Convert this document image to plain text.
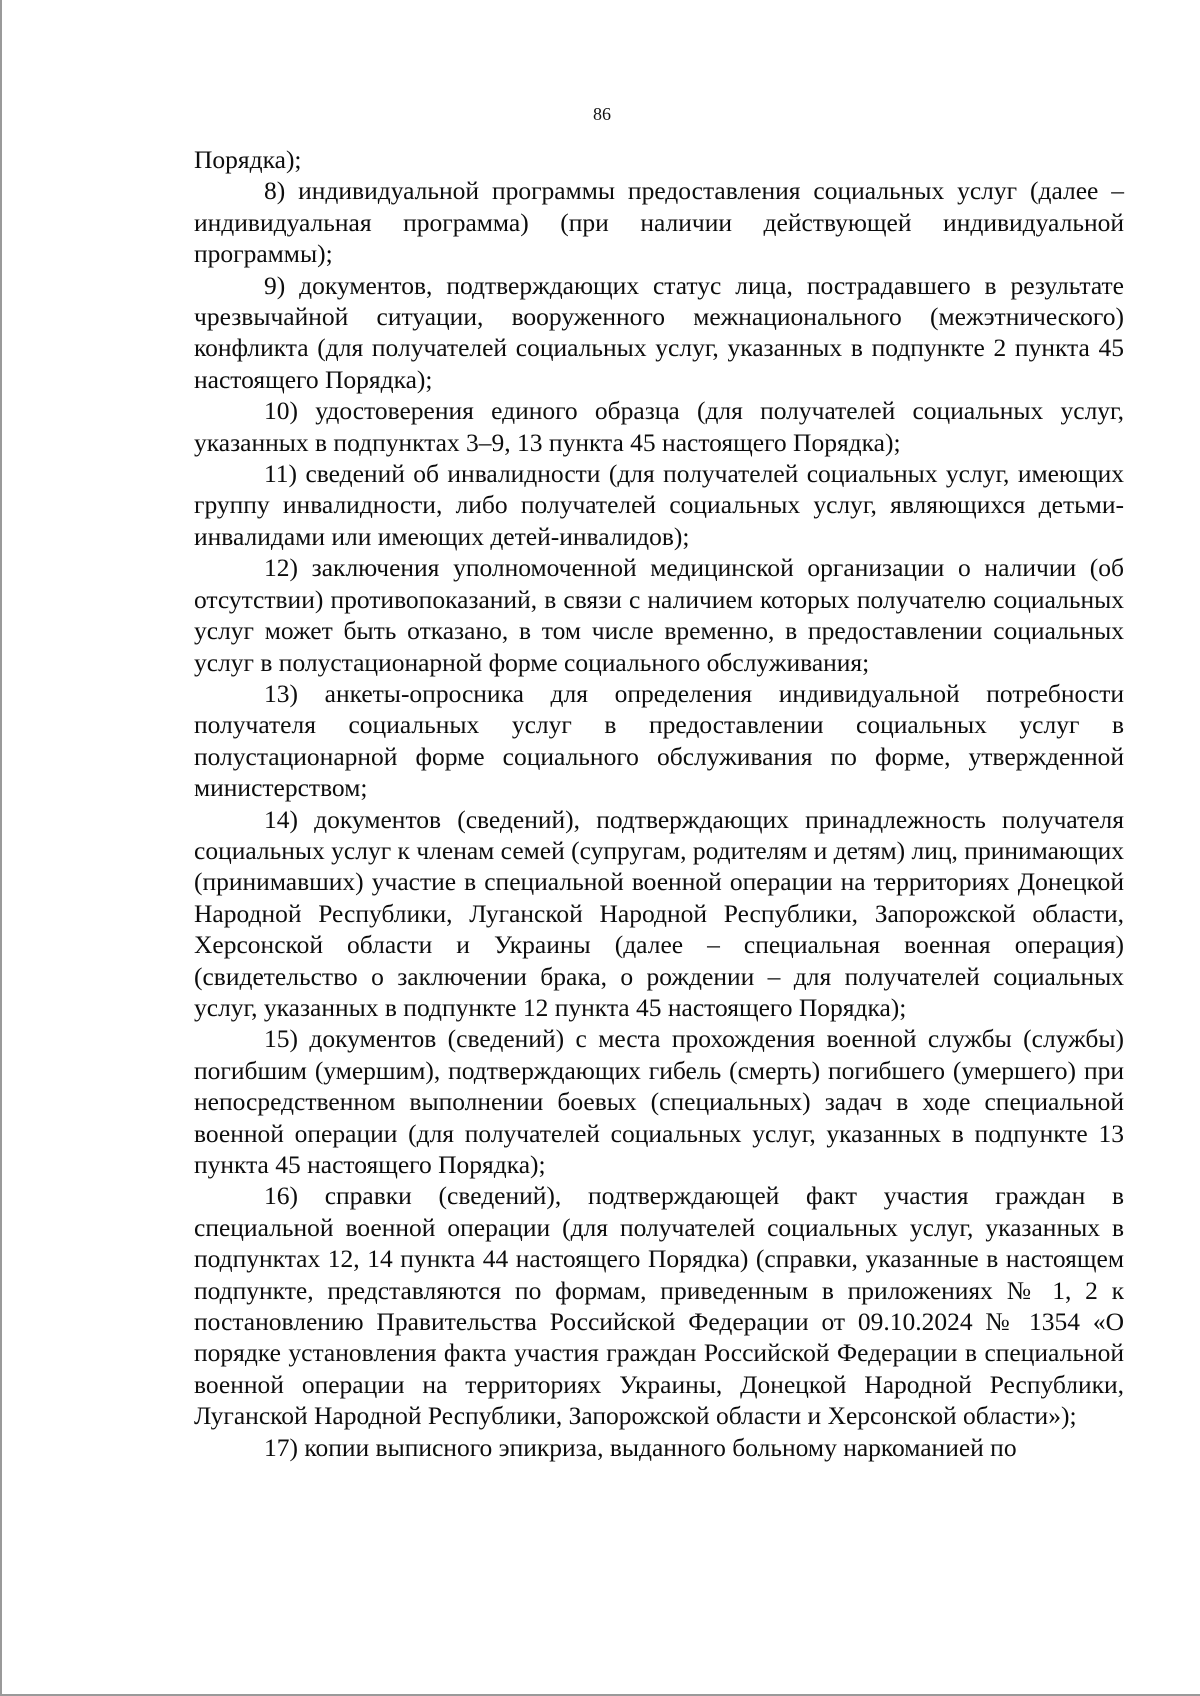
86

Порядка);

8) индивидуальной программы предоставления социальных услуг (далее – индивидуальная программа) (при наличии действующей индивидуальной программы);

9) документов, подтверждающих статус лица, пострадавшего в результате чрезвычайной ситуации, вооруженного межнационального (межэтнического) конфликта (для получателей социальных услуг, указанных в подпункте 2 пункта 45 настоящего Порядка);

10) удостоверения единого образца (для получателей социальных услуг, указанных в подпунктах 3–9, 13 пункта 45 настоящего Порядка);

11) сведений об инвалидности (для получателей социальных услуг, имеющих группу инвалидности, либо получателей социальных услуг, являющихся детьми-инвалидами или имеющих детей-инвалидов);

12) заключения уполномоченной медицинской организации о наличии (об отсутствии) противопоказаний, в связи с наличием которых получателю социальных услуг может быть отказано, в том числе временно, в предоставлении социальных услуг в полустационарной форме социального обслуживания;

13) анкеты-опросника для определения индивидуальной потребности получателя социальных услуг в предоставлении социальных услуг в полустационарной форме социального обслуживания по форме, утвержденной министерством;

14) документов (сведений), подтверждающих принадлежность получателя социальных услуг к членам семей (супругам, родителям и детям) лиц, принимающих (принимавших) участие в специальной военной операции на территориях Донецкой Народной Республики, Луганской Народной Республики, Запорожской области, Херсонской области и Украины (далее – специальная военная операция) (свидетельство о заключении брака, о рождении – для получателей социальных услуг, указанных в подпункте 12 пункта 45 настоящего Порядка);

15) документов (сведений) с места прохождения военной службы (службы) погибшим (умершим), подтверждающих гибель (смерть) погибшего (умершего) при непосредственном выполнении боевых (специальных) задач в ходе специальной военной операции (для получателей социальных услуг, указанных в подпункте 13 пункта 45 настоящего Порядка);

16) справки (сведений), подтверждающей факт участия граждан в специальной военной операции (для получателей социальных услуг, указанных в подпунктах 12, 14 пункта 44 настоящего Порядка) (справки, указанные в настоящем подпункте, представляются по формам, приведенным в приложениях № 1, 2 к постановлению Правительства Российской Федерации от 09.10.2024 № 1354 «О порядке установления факта участия граждан Российской Федерации в специальной военной операции на территориях Украины, Донецкой Народной Республики, Луганской Народной Республики, Запорожской области и Херсонской области»);

17) копии выписного эпикриза, выданного больному наркоманией по
